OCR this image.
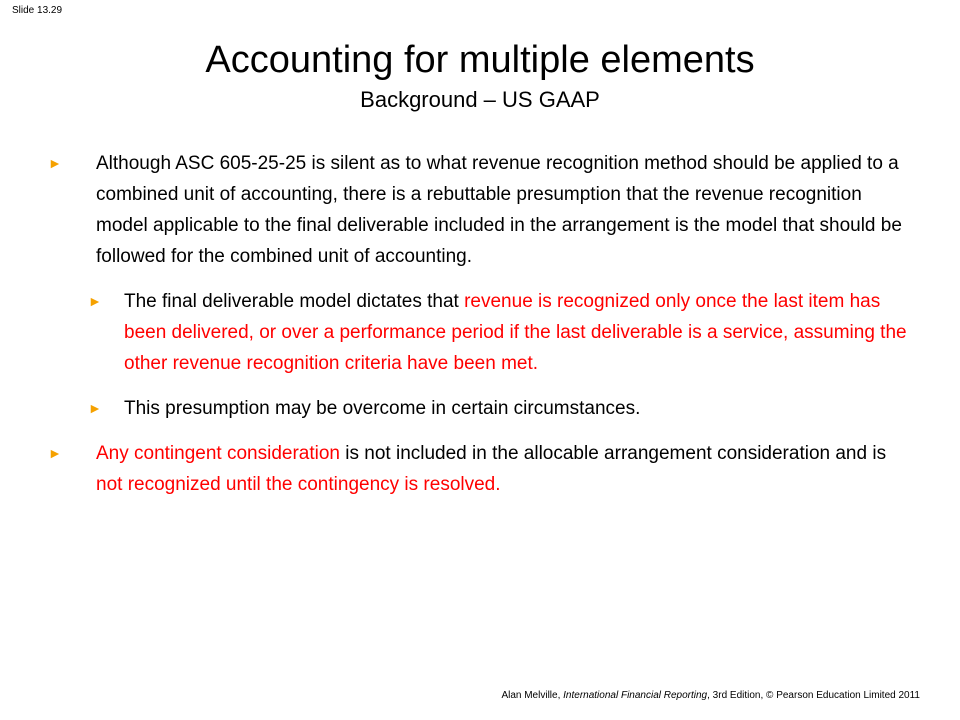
Slide 13.29
Accounting for multiple elements
Background – US GAAP
► Although ASC 605-25-25 is silent as to what revenue recognition method should be applied to a combined unit of accounting, there is a rebuttable presumption that the revenue recognition model applicable to the final deliverable included in the arrangement is the model that should be followed for the combined unit of accounting.
► The final deliverable model dictates that revenue is recognized only once the last item has been delivered, or over a performance period if the last deliverable is a service, assuming the other revenue recognition criteria have been met.
► This presumption may be overcome in certain circumstances.
► Any contingent consideration is not included in the allocable arrangement consideration and is not recognized until the contingency is resolved.
Alan Melville, International Financial Reporting, 3rd Edition, © Pearson Education Limited 2011
